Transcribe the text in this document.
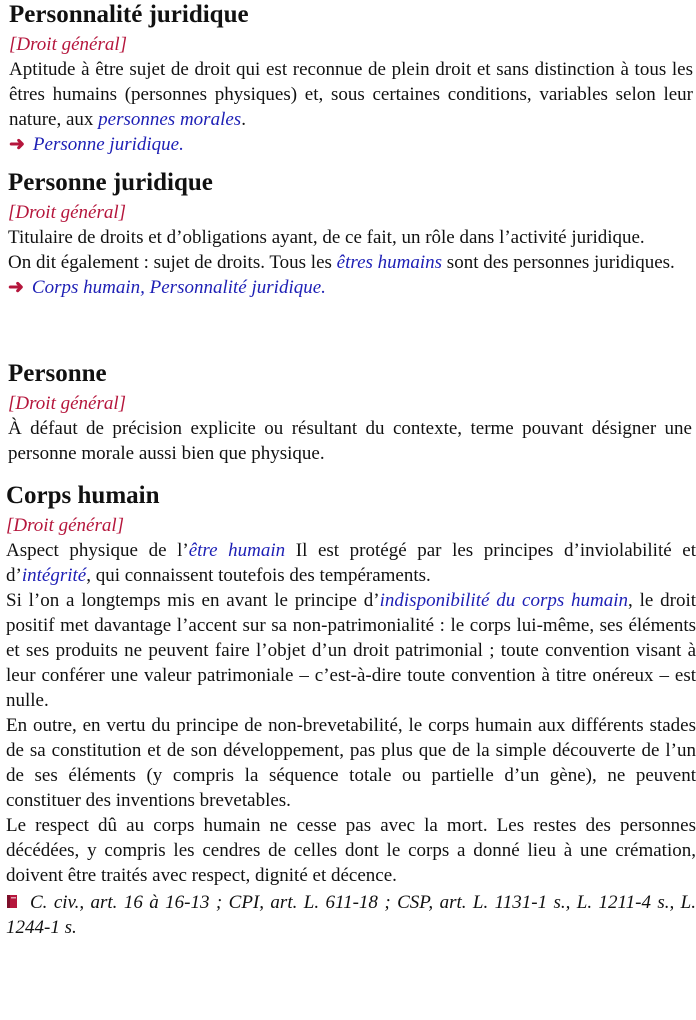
Personnalité juridique
[Droit général]

Aptitude à être sujet de droit qui est reconnue de plein droit et sans distinction à tous les êtres humains (personnes physiques) et, sous certaines conditions, variables selon leur nature, aux personnes morales.

➜ Personne juridique.
Personne juridique
[Droit général]

Titulaire de droits et d’obligations ayant, de ce fait, un rôle dans l’activité juridique.

On dit également : sujet de droits. Tous les êtres humains sont des personnes juridiques.

➜ Corps humain, Personnalité juridique.
Personne
[Droit général]

À défaut de précision explicite ou résultant du contexte, terme pouvant désigner une personne morale aussi bien que physique.

Corps humain
[Droit général]

Aspect physique de l’être humain Il est protégé par les principes d’inviolabilité et d’intégrité, qui connaissent toutefois des tempéraments.

Si l’on a longtemps mis en avant le principe d’indisponibilité du corps humain, le droit positif met davantage l’accent sur sa non-patrimonialité : le corps lui-même, ses éléments et ses produits ne peuvent faire l’objet d’un droit patrimonial ; toute convention visant à leur conférer une valeur patrimoniale – c’est-à-dire toute convention à titre onéreux – est nulle.

En outre, en vertu du principe de non-brevetabilité, le corps humain aux différents stades de sa constitution et de son développement, pas plus que de la simple découverte de l’un de ses éléments (y compris la séquence totale ou partielle d’un gène), ne peuvent constituer des inventions brevetables.

Le respect dû au corps humain ne cesse pas avec la mort. Les restes des personnes décédées, y compris les cendres de celles dont le corps a donné lieu à une crémation, doivent être traités avec respect, dignité et décence.

C. civ., art. 16 à 16-13 ; CPI, art. L. 611-18 ; CSP, art. L. 1131-1 s., L. 1211-4 s., L. 1244-1 s.
